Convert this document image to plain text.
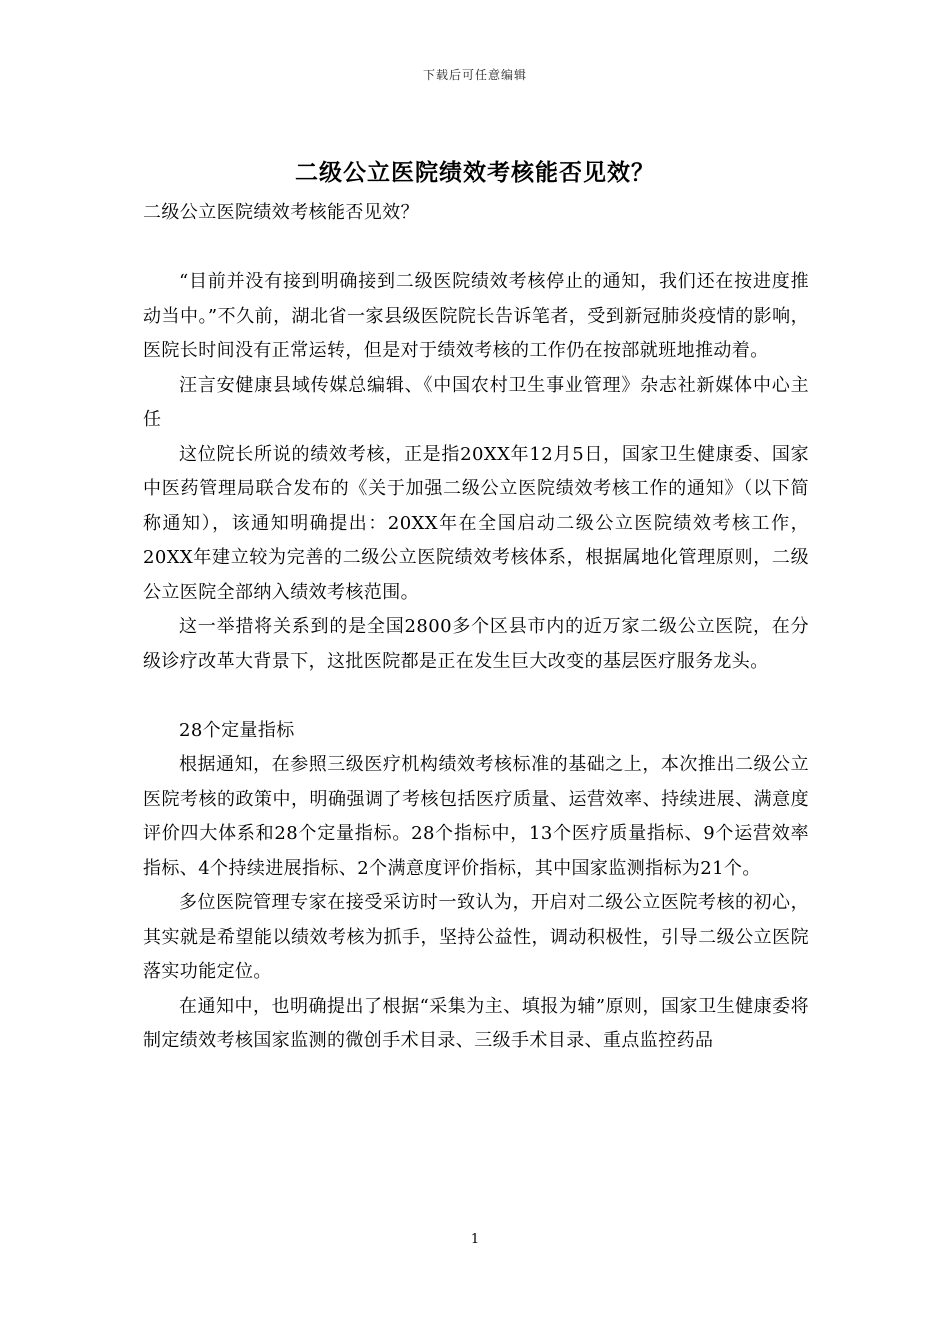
下载后可任意编辑
二级公立医院绩效考核能否见效？

二级公立医院绩效考核能否见效？

“目前并没有接到明确接到二级医院绩效考核停止的通知，我们还在按进度推动当中。”不久前，湖北省一家县级医院院长告诉笔者，受到新冠肺炎疫情的影响，医院长时间没有正常运转，但是对于绩效考核的工作仍在按部就班地推动着。

汪言安健康县域传媒总编辑、《中国农村卫生事业管理》杂志社新媒体中心主任

这位院长所说的绩效考核，正是指20XX年12月5日，国家卫生健康委、国家中医药管理局联合发布的《关于加强二级公立医院绩效考核工作的通知》（以下简称通知），该通知明确提出：20XX年在全国启动二级公立医院绩效考核工作，20XX年建立较为完善的二级公立医院绩效考核体系，根据属地化管理原则，二级公立医院全部纳入绩效考核范围。

这一举措将关系到的是全国2800多个区县市内的近万家二级公立医院，在分级诊疗改革大背景下，这批医院都是正在发生巨大改变的基层医疗服务龙头。

28个定量指标

根据通知，在参照三级医疗机构绩效考核标准的基础之上，本次推出二级公立医院考核的政策中，明确强调了考核包括医疗质量、运营效率、持续进展、满意度评价四大体系和28个定量指标。28个指标中，13个医疗质量指标、9个运营效率指标、4个持续进展指标、2个满意度评价指标，其中国家监测指标为21个。

多位医院管理专家在接受采访时一致认为，开启对二级公立医院考核的初心，其实就是希望能以绩效考核为抓手，坚持公益性，调动积极性，引导二级公立医院落实功能定位。

在通知中，也明确提出了根据“采集为主、填报为辅”原则，国家卫生健康委将制定绩效考核国家监测的微创手术目录、三级手术目录、重点监控药品

1
